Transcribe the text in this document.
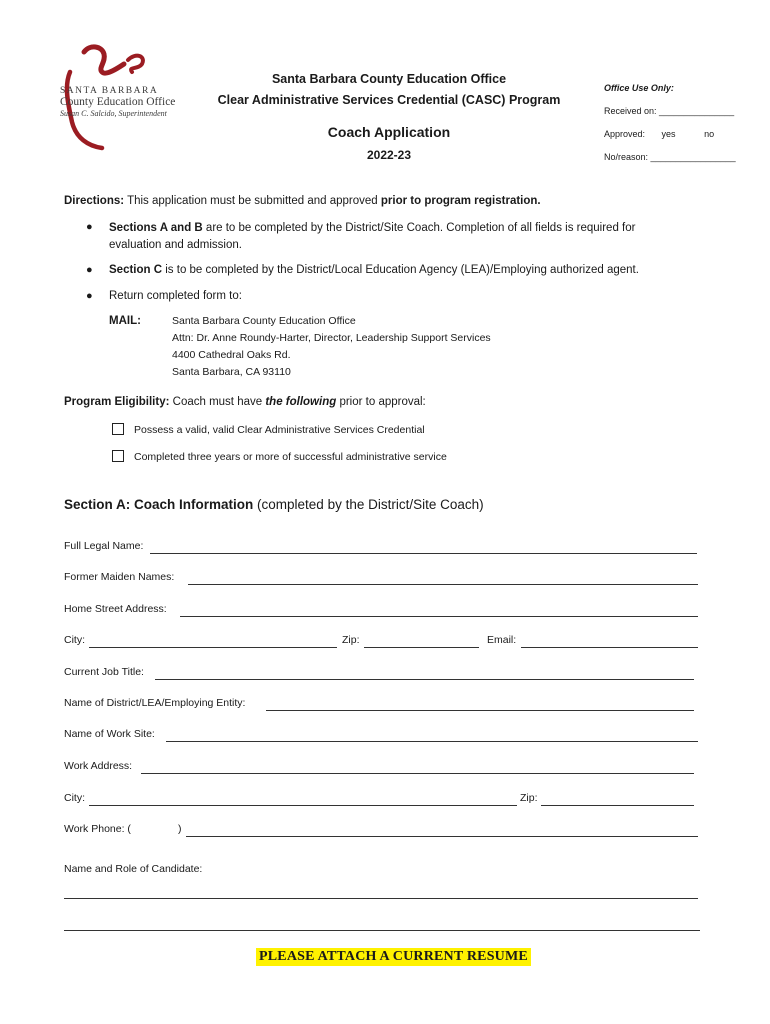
SANTA BARBARA
County Education Office
Susan C. Salcido, Superintendent
Santa Barbara County Education Office
Clear Administrative Services Credential (CASC) Program
Coach Application
2022-23
Office Use Only:
Received on: _______________
Approved: yes	no
No/reason: _________________
Directions: This application must be submitted and approved prior to program registration.
● Sections A and B are to be completed by the District/Site Coach. Completion of all fields is required for
evaluation and admission.
● Section C is to be completed by the District/Local Education Agency (LEA)/Employing authorized agent.
● Return completed form to:
MAIL:	Santa Barbara County Education Office
Attn: Dr. Anne Roundy-Harter, Director, Leadership Support Services
4400 Cathedral Oaks Rd.
Santa Barbara, CA 93110
Program Eligibility: Coach must have the following prior to approval:
Possess a valid, valid Clear Administrative Services Credential
Completed three years or more of successful administrative service
Section A: Coach Information (completed by the District/Site Coach)
Full Legal Name:
Former Maiden Names:
Home Street Address:
City:	Zip:	Email:
Current Job Title:
Name of District/LEA/Employing Entity:
Name of Work Site:
Work Address:
City:	Zip:
Work Phone: (	)
Name and Role of Candidate:
PLEASE ATTACH A CURRENT RESUME
